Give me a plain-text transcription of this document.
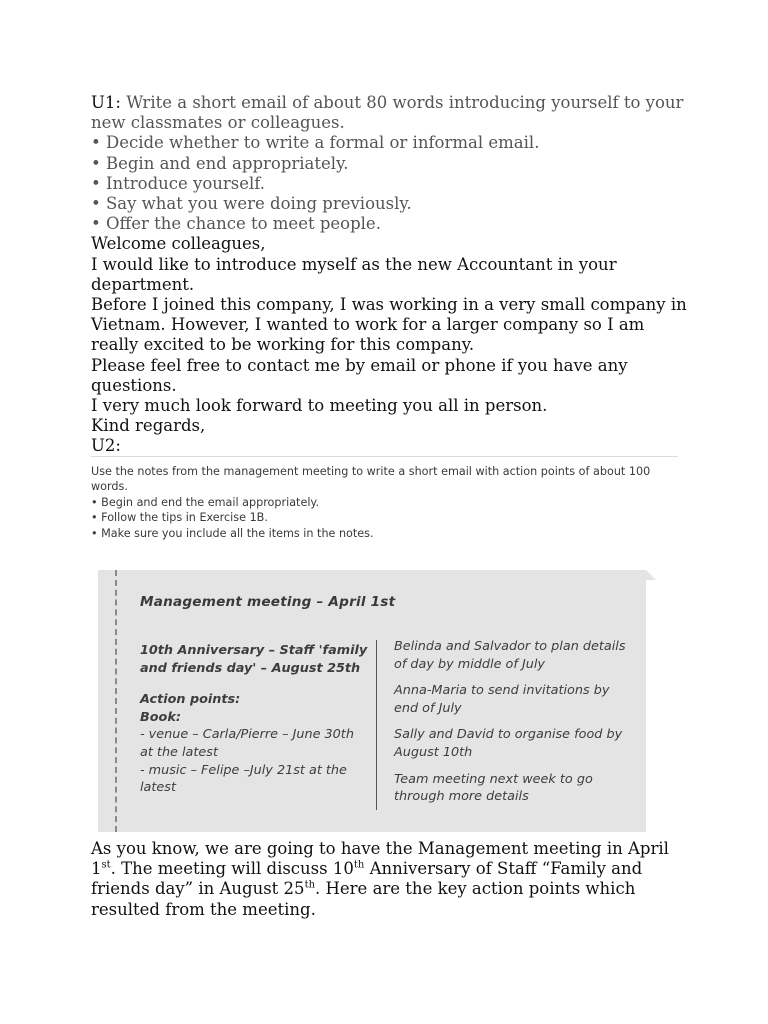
U1: Write a short email of about 80 words introducing yourself to your new classmates or colleagues.

• Decide whether to write a formal or informal email.

• Begin and end appropriately.

• Introduce yourself.

• Say what you were doing previously.

• Offer the chance to meet people.

Welcome colleagues,

I would like to introduce myself as the new Accountant in your department.

Before I joined this company, I was working in a very small company in Vietnam. However, I wanted to work for a larger company so I am really excited to be working for this company.

Please feel free to contact me by email or phone if you have any questions.

I very much look forward to meeting you all in person.

Kind regards,

U2:

Use the notes from the management meeting to write a short email with action points of about 100 words.

• Begin and end the email appropriately.

• Follow the tips in Exercise 1B.

• Make sure you include all the items in the notes.

Management meeting – April 1st

10th Anniversary – Staff 'family and friends day' – August 25th

Action points:

Book:

- venue – Carla/Pierre – June 30th at the latest

- music – Felipe –July 21st at the latest

Belinda and Salvador to plan details of day by middle of July

Anna-Maria to send invitations by end of July

Sally and David to organise food by August 10th

Team meeting next week to go through more details

As you know, we are going to have the Management meeting in April 1st. The meeting will discuss 10th Anniversary of Staff “Family and friends day” in August 25th. Here are the key action points which resulted from the meeting.
